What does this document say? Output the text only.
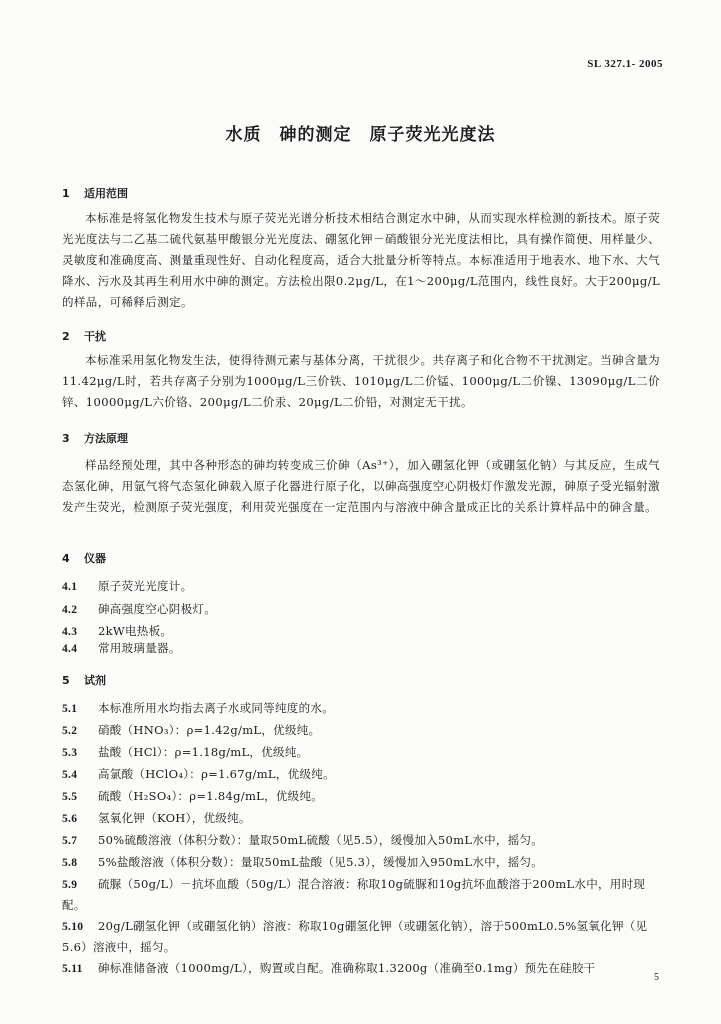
SL 327.1- 2005
水质 砷的测定 原子荧光光度法
1 适用范围
本标准是将氢化物发生技术与原子荧光光谱分析技术相结合测定水中砷，从而实现水样检测的新技术。原子荧光光度法与二乙基二硫代氨基甲酸银分光光度法、硼氢化钾－硝酸银分光光度法相比，具有操作简便、用样量少、灵敏度和准确度高、测量重现性好、自动化程度高，适合大批量分析等特点。本标准适用于地表水、地下水、大气降水、污水及其再生利用水中砷的测定。方法检出限0.2μg/L，在1～200μg/L范围内，线性良好。大于200μg/L的样品，可稀释后测定。
2 干扰
本标准采用氢化物发生法，使得待测元素与基体分离，干扰很少。共存离子和化合物不干扰测定。当砷含量为11.42μg/L时，若共存离子分别为1000μg/L三价铁、1010μg/L二价锰、1000μg/L二价镍、13090μg/L二价锌、10000μg/L六价铬、200μg/L二价汞、20μg/L二价铅，对测定无干扰。
3 方法原理
样品经预处理，其中各种形态的砷均转变成三价砷（As³⁺），加入硼氢化钾（或硼氢化钠）与其反应，生成气态氢化砷，用氩气将气态氢化砷载入原子化器进行原子化，以砷高强度空心阴极灯作激发光源，砷原子受光辐射激发产生荧光，检测原子荧光强度，利用荧光强度在一定范围内与溶液中砷含量成正比的关系计算样品中的砷含量。
4 仪器
4.1 原子荧光光度计。
4.2 砷高强度空心阴极灯。
4.3 2kW电热板。
4.4 常用玻璃量器。
5 试剂
5.1 本标准所用水均指去离子水或同等纯度的水。
5.2 硝酸（HNO₃）：ρ=1.42g/mL，优级纯。
5.3 盐酸（HCl）：ρ=1.18g/mL，优级纯。
5.4 高氯酸（HClO₄）：ρ=1.67g/mL，优级纯。
5.5 硫酸（H₂SO₄）：ρ=1.84g/mL，优级纯。
5.6 氢氧化钾（KOH），优级纯。
5.7 50%硫酸溶液（体积分数）：量取50mL硫酸（见5.5），缓慢加入50mL水中，摇匀。
5.8 5%盐酸溶液（体积分数）：量取50mL盐酸（见5.3），缓慢加入950mL水中，摇匀。
5.9 硫脲（50g/L）－抗坏血酸（50g/L）混合溶液：称取10g硫脲和10g抗坏血酸溶于200mL水中，用时现配。
5.10 20g/L硼氢化钾（或硼氢化钠）溶液：称取10g硼氢化钾（或硼氢化钠），溶于500mL0.5%氢氧化钾（见5.6）溶液中，摇匀。
5.11 砷标准储备液（1000mg/L），购置或自配。准确称取1.3200g（准确至0.1mg）预先在硅胶干
5
